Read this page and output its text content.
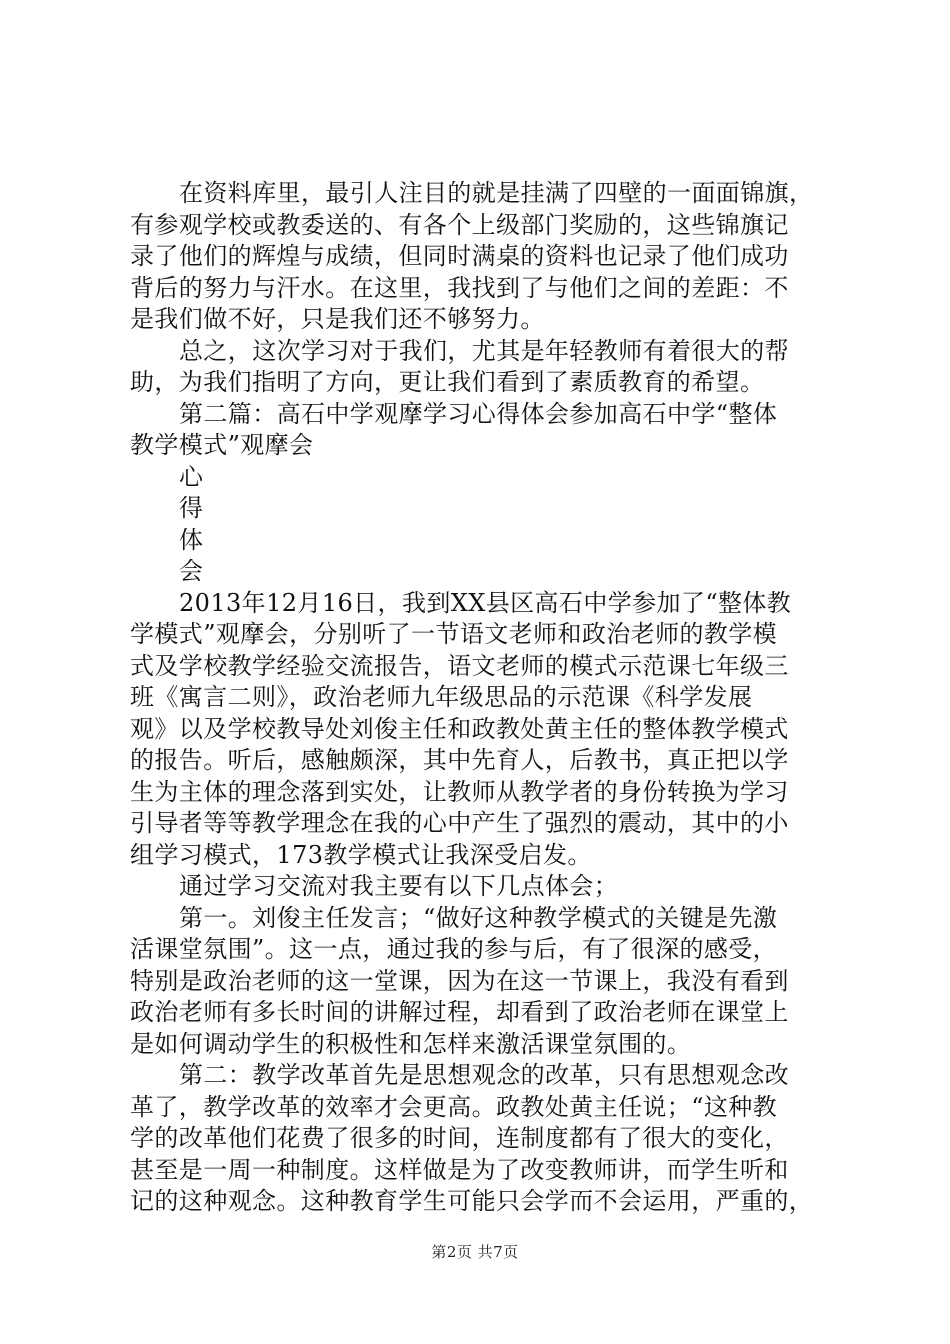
在资料库里，最引人注目的就是挂满了四壁的一面面锦旗，
有参观学校或教委送的、有各个上级部门奖励的，这些锦旗记
录了他们的辉煌与成绩，但同时满桌的资料也记录了他们成功
背后的努力与汗水。在这里，我找到了与他们之间的差距：不
是我们做不好，只是我们还不够努力。
总之，这次学习对于我们，尤其是年轻教师有着很大的帮
助，为我们指明了方向，更让我们看到了素质教育的希望。
第二篇：高石中学观摩学习心得体会参加高石中学“整体
教学模式”观摩会
心
得
体
会
2013年12月16日，我到XX县区高石中学参加了“整体教
学模式”观摩会，分别听了一节语文老师和政治老师的教学模
式及学校教学经验交流报告，语文老师的模式示范课七年级三
班《寓言二则》，政治老师九年级思品的示范课《科学发展
观》以及学校教导处刘俊主任和政教处黄主任的整体教学模式
的报告。听后，感触颇深，其中先育人，后教书，真正把以学
生为主体的理念落到实处，让教师从教学者的身份转换为学习
引导者等等教学理念在我的心中产生了强烈的震动，其中的小
组学习模式，173教学模式让我深受启发。
通过学习交流对我主要有以下几点体会；
第一。刘俊主任发言；“做好这种教学模式的关键是先激
活课堂氛围”。这一点，通过我的参与后，有了很深的感受，
特别是政治老师的这一堂课，因为在这一节课上，我没有看到
政治老师有多长时间的讲解过程，却看到了政治老师在课堂上
是如何调动学生的积极性和怎样来激活课堂氛围的。
第二：教学改革首先是思想观念的改革，只有思想观念改
革了，教学改革的效率才会更高。政教处黄主任说；“这种教
学的改革他们花费了很多的时间，连制度都有了很大的变化，
甚至是一周一种制度。这样做是为了改变教师讲，而学生听和
记的这种观念。这种教育学生可能只会学而不会运用，严重的，
第2页 共7页
